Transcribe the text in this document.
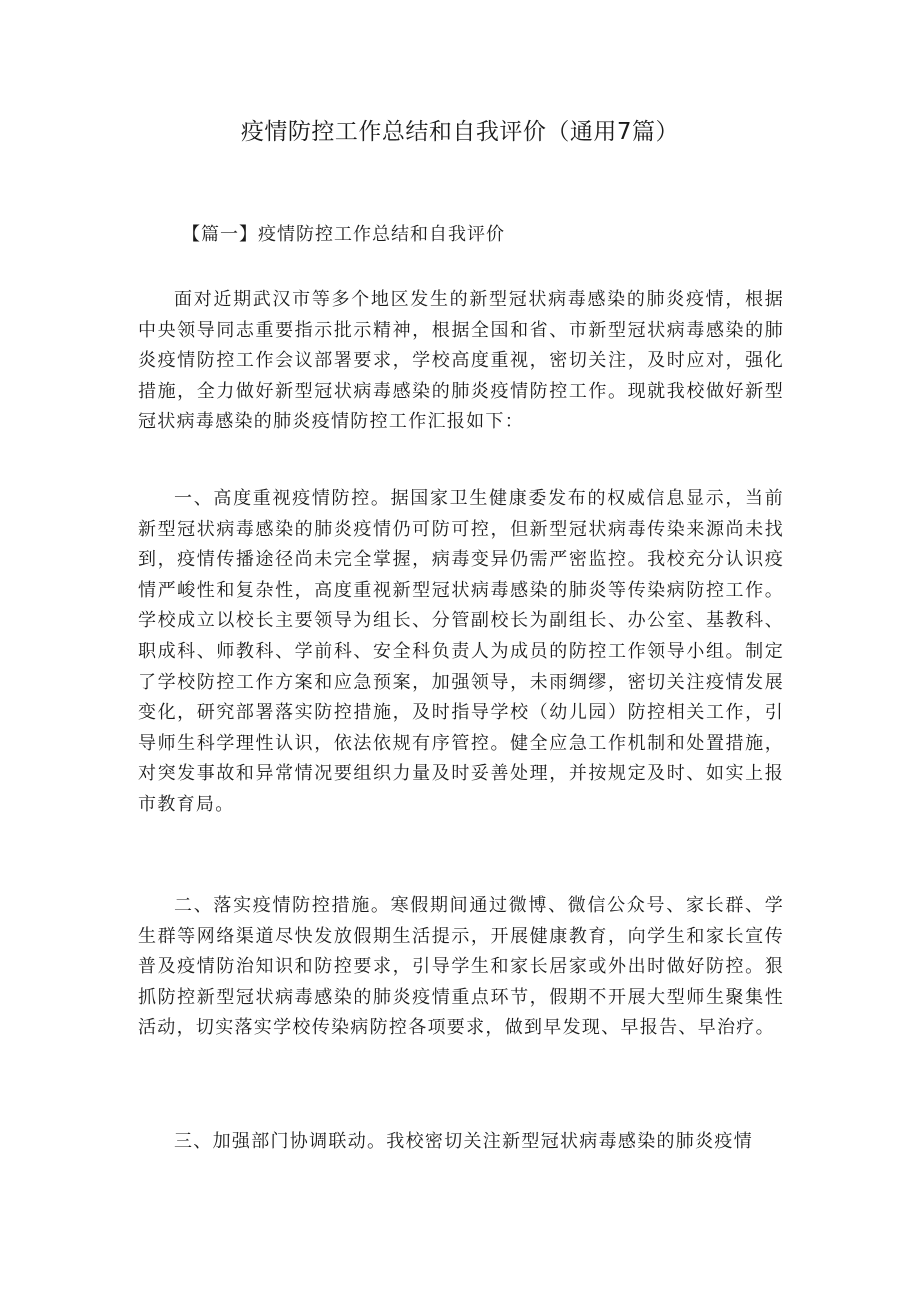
疫情防控工作总结和自我评价（通用7篇）

【篇一】疫情防控工作总结和自我评价

面对近期武汉市等多个地区发生的新型冠状病毒感染的肺炎疫情，根据中央领导同志重要指示批示精神，根据全国和省、市新型冠状病毒感染的肺炎疫情防控工作会议部署要求，学校高度重视，密切关注，及时应对，强化措施，全力做好新型冠状病毒感染的肺炎疫情防控工作。现就我校做好新型冠状病毒感染的肺炎疫情防控工作汇报如下：

一、高度重视疫情防控。据国家卫生健康委发布的权威信息显示，当前新型冠状病毒感染的肺炎疫情仍可防可控，但新型冠状病毒传染来源尚未找到，疫情传播途径尚未完全掌握，病毒变异仍需严密监控。我校充分认识疫情严峻性和复杂性，高度重视新型冠状病毒感染的肺炎等传染病防控工作。学校成立以校长主要领导为组长、分管副校长为副组长、办公室、基教科、职成科、师教科、学前科、安全科负责人为成员的防控工作领导小组。制定了学校防控工作方案和应急预案，加强领导，未雨绸缪，密切关注疫情发展变化，研究部署落实防控措施，及时指导学校（幼儿园）防控相关工作，引导师生科学理性认识，依法依规有序管控。健全应急工作机制和处置措施，对突发事故和异常情况要组织力量及时妥善处理，并按规定及时、如实上报市教育局。

二、落实疫情防控措施。寒假期间通过微博、微信公众号、家长群、学生群等网络渠道尽快发放假期生活提示，开展健康教育，向学生和家长宣传普及疫情防治知识和防控要求，引导学生和家长居家或外出时做好防控。狠抓防控新型冠状病毒感染的肺炎疫情重点环节，假期不开展大型师生聚集性活动，切实落实学校传染病防控各项要求，做到早发现、早报告、早治疗。

三、加强部门协调联动。我校密切关注新型冠状病毒感染的肺炎疫情
